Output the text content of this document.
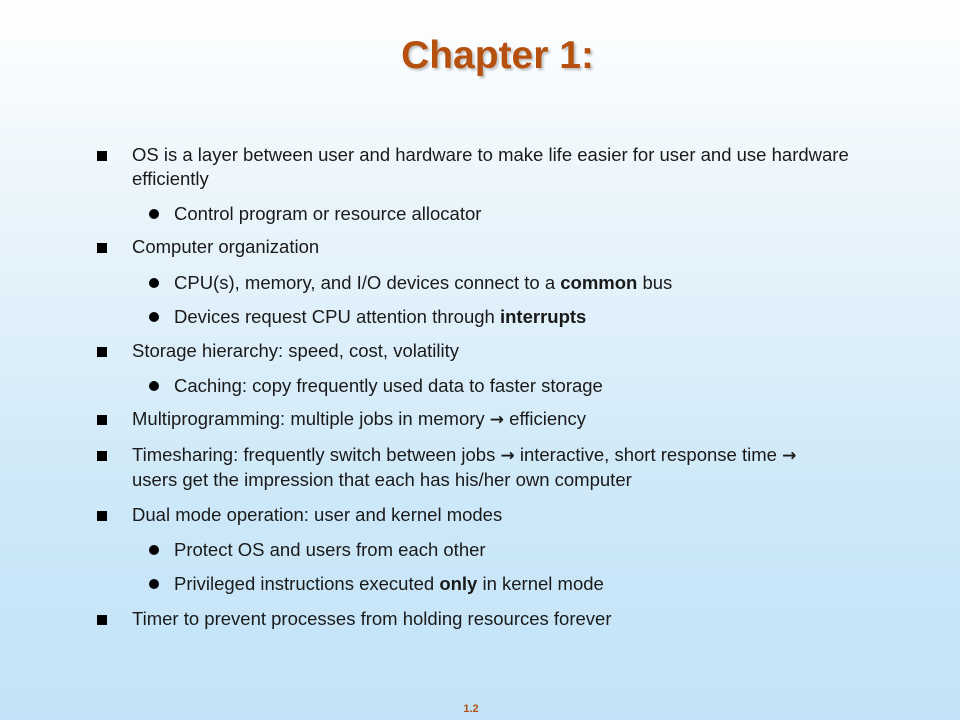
Chapter 1:
OS is a layer between user and hardware to make life easier for user and use hardware efficiently
Control program or resource allocator
Computer organization
CPU(s), memory, and I/O devices connect to a common bus
Devices request CPU attention through interrupts
Storage hierarchy: speed, cost, volatility
Caching: copy frequently used data to faster storage
Multiprogramming: multiple jobs in memory → efficiency
Timesharing: frequently switch between jobs → interactive, short response time → users get the impression that each has his/her own computer
Dual mode operation: user and kernel modes
Protect OS and users from each other
Privileged instructions executed only in kernel mode
Timer to prevent processes from holding resources forever
1.2
